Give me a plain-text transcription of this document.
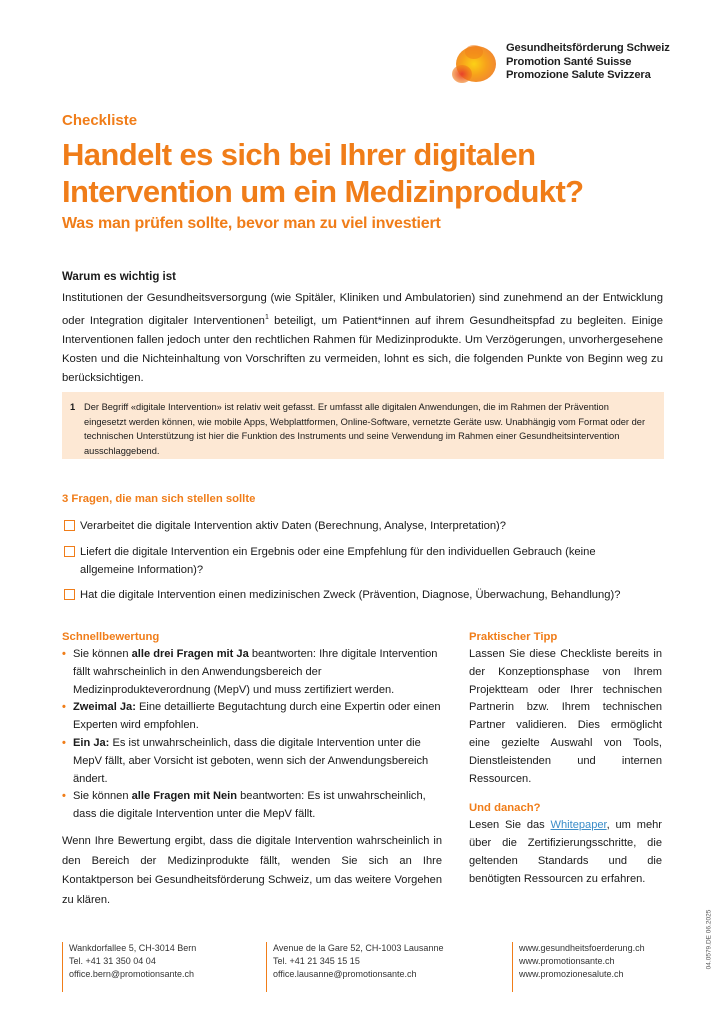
Gesundheitsförderung Schweiz
Promotion Santé Suisse
Promozione Salute Svizzera
Checkliste
Handelt es sich bei Ihrer digitalen
Intervention um ein Medizinprodukt?
Was man prüfen sollte, bevor man zu viel investiert
Warum es wichtig ist

Institutionen der Gesundheitsversorgung (wie Spitäler, Kliniken und Ambulatorien) sind zunehmend an der Entwicklung oder Integration digitaler Interventionen$^1$ beteiligt, um Patient*innen auf ihrem Gesundheitspfad zu begleiten. Einige Interventionen fallen jedoch unter den rechtlichen Rahmen für Medizinprodukte. Um Verzögerungen, unvorhergesehene Kosten und die Nichteinhaltung von Vorschriften zu vermeiden, lohnt es sich, die folgenden Punkte von Beginn weg zu berücksichtigen.

1 Der Begriff «digitale Intervention» ist relativ weit gefasst. Er umfasst alle digitalen Anwendungen, die im Rahmen der Prävention eingesetzt werden können, wie mobile Apps, Webplattformen, Online-Software, vernetzte Geräte usw. Unabhängig vom Format oder der technischen Unterstützung ist hier die Funktion des Instruments und seine Verwendung im Rahmen einer Gesundheitsintervention ausschlaggebend.
3 Fragen, die man sich stellen sollte
Verarbeitet die digitale Intervention aktiv Daten (Berechnung, Analyse, Interpretation)?
Liefert die digitale Intervention ein Ergebnis oder eine Empfehlung für den individuellen Gebrauch (keine allgemeine Information)?
Hat die digitale Intervention einen medizinischen Zweck (Prävention, Diagnose, Überwachung, Behandlung)?
Schnellbewertung
• Sie können alle drei Fragen mit Ja beantworten: Ihre digitale Intervention fällt wahrscheinlich in den Anwendungsbereich der Medizinprodukteverordnung (MepV) und muss zertifiziert werden.
• Zweimal Ja: Eine detaillierte Begutachtung durch eine Expertin oder einen Experten wird empfohlen.
• Ein Ja: Es ist unwahrscheinlich, dass die digitale Intervention unter die MepV fällt, aber Vorsicht ist geboten, wenn sich der Anwendungsbereich ändert.
• Sie können alle Fragen mit Nein beantworten: Es ist unwahrscheinlich, dass die digitale Intervention unter die MepV fällt.

Wenn Ihre Bewertung ergibt, dass die digitale Intervention wahrscheinlich in den Bereich der Medizinprodukte fällt, wenden Sie sich an Ihre Kontaktperson bei Gesundheitsförderung Schweiz, um das weitere Vorgehen zu klären.

Praktischer Tipp

Lassen Sie diese Checkliste bereits in der Konzeptionsphase von Ihrem Projektteam oder Ihrer technischen Partnerin bzw. Ihrem technischen Partner validieren. Dies ermöglicht eine gezielte Auswahl von Tools, Dienstleistenden und internen Ressourcen.

Und danach?

Lesen Sie das Whitepaper, um mehr über die Zertifizierungsschritte, die geltenden Standards und die benötigten Ressourcen zu erfahren.

04.0579.DE 06.2025
Wankdorfallee 5, CH-3014 Bern
Tel. +41 31 350 04 04
office.bern@promotionsante.ch
Avenue de la Gare 52, CH-1003 Lausanne
Tel. +41 21 345 15 15
office.lausanne@promotionsante.ch
www.gesundheitsfoerderung.ch
www.promotionsante.ch
www.promozionesalute.ch
